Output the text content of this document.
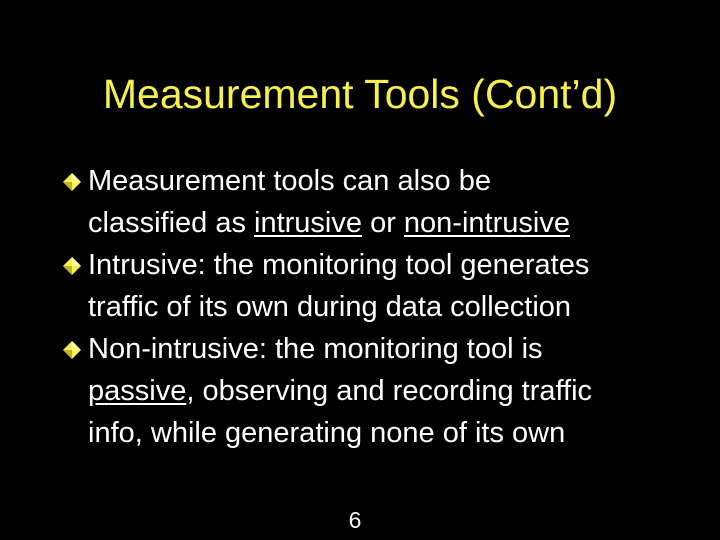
Measurement Tools (Cont’d)
Measurement tools can also be
classified as intrusive or non-intrusive
Intrusive: the monitoring tool generates
traffic of its own during data collection
Non-intrusive: the monitoring tool is
passive, observing and recording traffic
info, while generating none of its own
6
